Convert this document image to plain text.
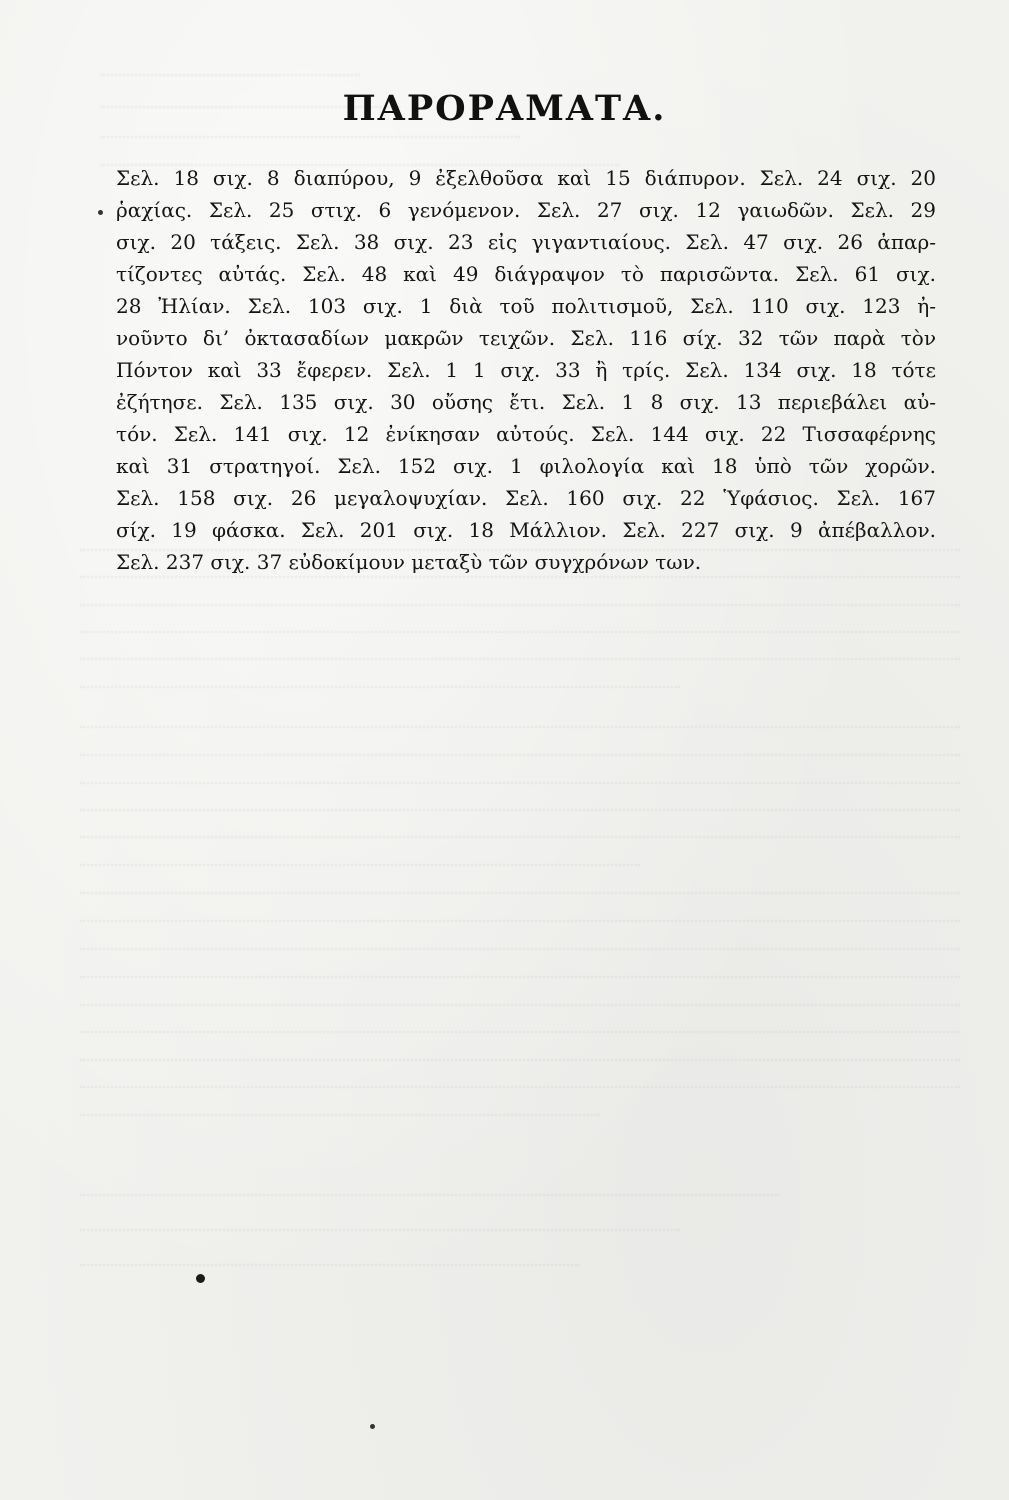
ΠΑΡΟΡΑΜΑΤΑ.
Σελ. 18 σιχ. 8 διαπύρου, 9 ἐξελθοῦσα καὶ 15 διάπυρον. Σελ. 24 σιχ. 20
ῥαχίας. Σελ. 25 στιχ. 6 γενόμενον. Σελ. 27 σιχ. 12 γαιωδῶν. Σελ. 29
σιχ. 20 τάξεις. Σελ. 38 σιχ. 23 εἰς γιγαντιαίους. Σελ. 47 σιχ. 26 ἀπαρ-
τίζοντες αὐτάς. Σελ. 48 καὶ 49 διάγραψον τὸ παρισῶντα. Σελ. 61 σιχ.
28 Ἠλίαν. Σελ. 103 σιχ. 1 διὰ τοῦ πολιτισμοῦ, Σελ. 110 σιχ. 123 ἠ-
νοῦντο δι’ ὀκτασαδίων μακρῶν τειχῶν. Σελ. 116 σίχ. 32 τῶν παρὰ τὸν
Πόντον καὶ 33 ἔφερεν. Σελ. 1 1 σιχ. 33 ἢ τρίς. Σελ. 134 σιχ. 18 τότε
ἐζήτησε. Σελ. 135 σιχ. 30 οὔσης ἔτι. Σελ. 1 8 σιχ. 13 περιεβάλει αὐ-
τόν. Σελ. 141 σιχ. 12 ἐνίκησαν αὐτούς. Σελ. 144 σιχ. 22 Τισσαφέρνης
καὶ 31 στρατηγοί. Σελ. 152 σιχ. 1 φιλολογία καὶ 18 ὑπὸ τῶν χορῶν.
Σελ. 158 σιχ. 26 μεγαλοψυχίαν. Σελ. 160 σιχ. 22 Ὑφάσιος. Σελ. 167
σίχ. 19 φάσκα. Σελ. 201 σιχ. 18 Μάλλιον. Σελ. 227 σιχ. 9 ἀπέβαλλον.
Σελ. 237 σιχ. 37 εὐδοκίμουν μεταξὺ τῶν συγχρόνων των.
